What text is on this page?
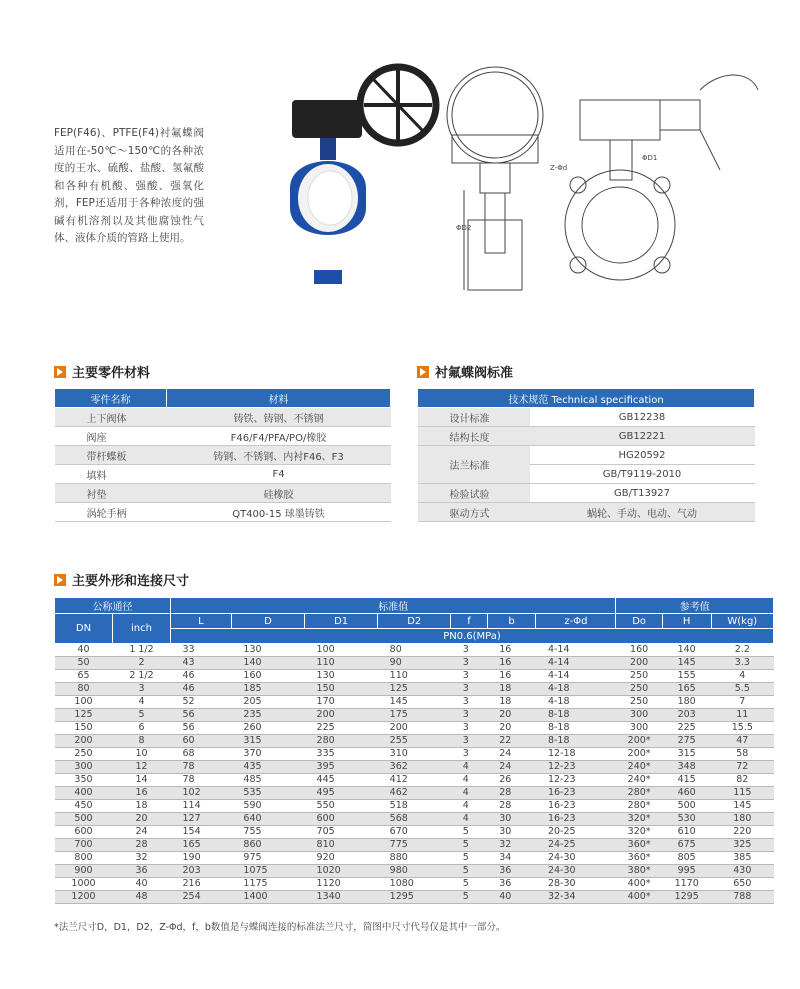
FEP(F46)、PTFE(F4)衬氟蝶阀适用在-50℃～150℃的各种浓度的王水、硫酸、盐酸、氢氟酸和各种有机酸、强酸、强氧化剂，FEP还适用于各种浓度的强碱有机溶剂以及其他腐蚀性气体、液体介质的管路上使用。
ΦD2
Z-Φd
ΦD1
主要零件材料
零件名称	材料
上下阀体	铸铁、铸钢、不锈钢
阀座	F46/F4/PFA/PO/橡胶
带杆蝶板	铸钢、不锈钢、内衬F46、F3
填料	F4
衬垫	硅橡胶
涡轮手柄	QT400-15 球墨铸铁
衬氟蝶阀标准
技术规范 Technical specification	
设计标准	GB12238
结构长度	GB12221
法兰标准	HG20592
	GB/T9119-2010
检验试验	GB/T13927
驱动方式	蜗轮、手动、电动、气动
主要外形和连接尺寸
公称通径		标准值							参考值		
DN	inch	L	D	D1	D2	f	b	z-Φd	Do	H	W(kg)
		PN0.6(MPa)									
40	1 1/2	33	130	100	80	3	16	4-14	160	140	2.2
50	2	43	140	110	90	3	16	4-14	200	145	3.3
65	2 1/2	46	160	130	110	3	16	4-14	250	155	4
80	3	46	185	150	125	3	18	4-18	250	165	5.5
100	4	52	205	170	145	3	18	4-18	250	180	7
125	5	56	235	200	175	3	20	8-18	300	203	11
150	6	56	260	225	200	3	20	8-18	300	225	15.5
200	8	60	315	280	255	3	22	8-18	200*	275	47
250	10	68	370	335	310	3	24	12-18	200*	315	58
300	12	78	435	395	362	4	24	12-23	240*	348	72
350	14	78	485	445	412	4	26	12-23	240*	415	82
400	16	102	535	495	462	4	28	16-23	280*	460	115
450	18	114	590	550	518	4	28	16-23	280*	500	145
500	20	127	640	600	568	4	30	16-23	320*	530	180
600	24	154	755	705	670	5	30	20-25	320*	610	220
700	28	165	860	810	775	5	32	24-25	360*	675	325
800	32	190	975	920	880	5	34	24-30	360*	805	385
900	36	203	1075	1020	980	5	36	24-30	380*	995	430
1000	40	216	1175	1120	1080	5	36	28-30	400*	1170	650
1200	48	254	1400	1340	1295	5	40	32-34	400*	1295	788
*法兰尺寸D，D1，D2，Z-Φd，f，b数值是与蝶阀连接的标准法兰尺寸，简图中尺寸代号仅是其中一部分。
